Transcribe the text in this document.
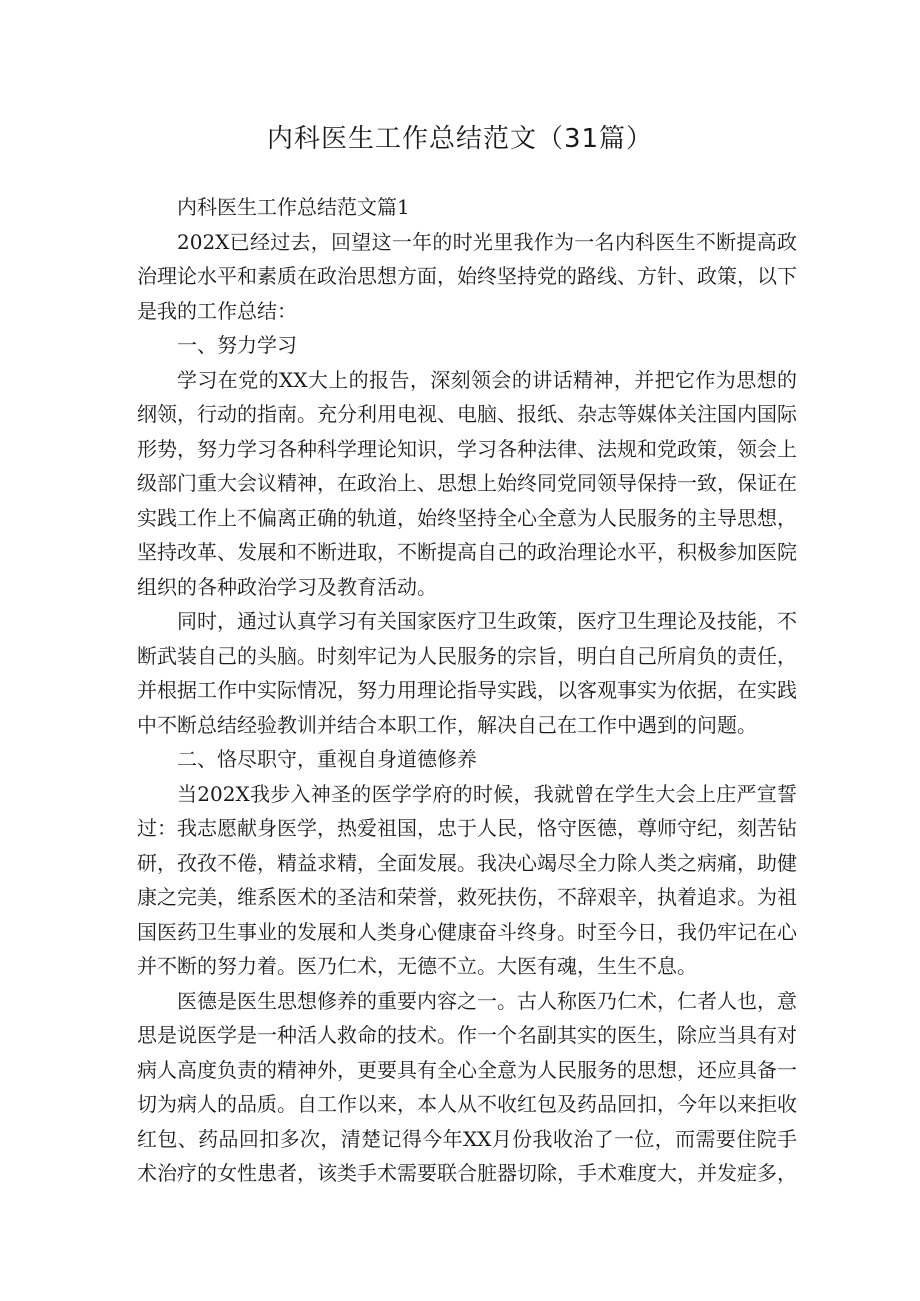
内科医生工作总结范文（31篇）

内科医生工作总结范文篇1

202X已经过去，回望这一年的时光里我作为一名内科医生不断提高政治理论水平和素质在政治思想方面，始终坚持党的路线、方针、政策，以下是我的工作总结：

一、努力学习

学习在党的XX大上的报告，深刻领会的讲话精神，并把它作为思想的纲领，行动的指南。充分利用电视、电脑、报纸、杂志等媒体关注国内国际形势，努力学习各种科学理论知识，学习各种法律、法规和党政策，领会上级部门重大会议精神，在政治上、思想上始终同党同领导保持一致，保证在实践工作上不偏离正确的轨道，始终坚持全心全意为人民服务的主导思想，坚持改革、发展和不断进取，不断提高自己的政治理论水平，积极参加医院组织的各种政治学习及教育活动。

同时，通过认真学习有关国家医疗卫生政策，医疗卫生理论及技能，不断武装自己的头脑。时刻牢记为人民服务的宗旨，明白自己所肩负的责任，并根据工作中实际情况，努力用理论指导实践，以客观事实为依据，在实践中不断总结经验教训并结合本职工作，解决自己在工作中遇到的问题。

二、恪尽职守，重视自身道德修养

当202X我步入神圣的医学学府的时候，我就曾在学生大会上庄严宣誓过：我志愿献身医学，热爱祖国，忠于人民，恪守医德，尊师守纪，刻苦钻研，孜孜不倦，精益求精，全面发展。我决心竭尽全力除人类之病痛，助健康之完美，维系医术的圣洁和荣誉，救死扶伤，不辞艰辛，执着追求。为祖国医药卫生事业的发展和人类身心健康奋斗终身。时至今日，我仍牢记在心并不断的努力着。医乃仁术，无德不立。大医有魂，生生不息。

医德是医生思想修养的重要内容之一。古人称医乃仁术，仁者人也，意思是说医学是一种活人救命的技术。作一个名副其实的医生，除应当具有对病人高度负责的精神外，更要具有全心全意为人民服务的思想，还应具备一切为病人的品质。自工作以来，本人从不收红包及药品回扣，今年以来拒收红包、药品回扣多次，清楚记得今年XX月份我收治了一位，而需要住院手术治疗的女性患者，该类手术需要联合脏器切除，手术难度大，并发症多，
